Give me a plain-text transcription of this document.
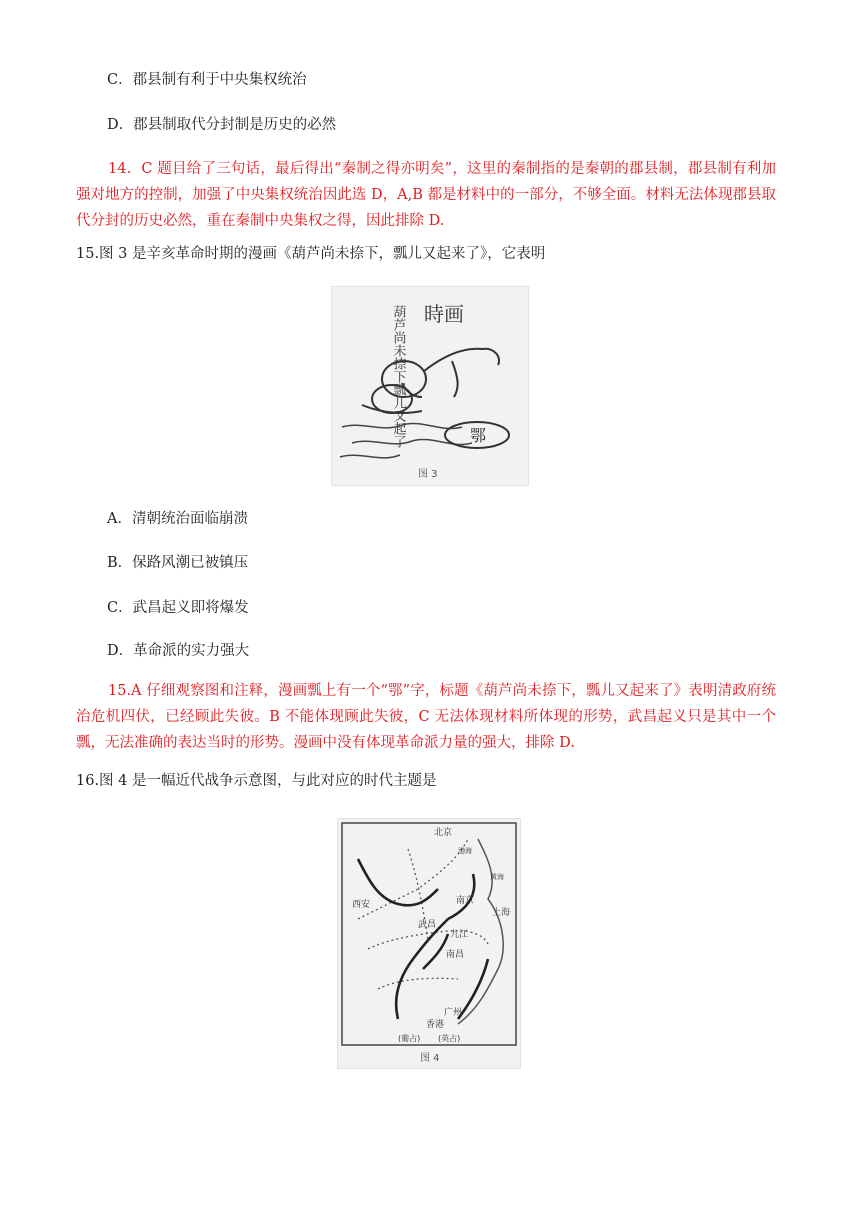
C．郡县制有利于中央集权统治
D．郡县制取代分封制是历史的必然

14．C 题目给了三句话，最后得出“秦制之得亦明矣”，这里的秦制指的是秦朝的郡县制，郡县制有利加强对地方的控制，加强了中央集权统治因此选 D，A,B 都是材料中的一部分，不够全面。材料无法体现郡县取代分封的历史必然，重在秦制中央集权之得，因此排除 D.

15.图 3 是辛亥革命时期的漫画《葫芦尚未捺下，瓢儿又起来了》，它表明
時画
葫芦尚未捺下瓢儿又起了	鄂
图 3
A．清朝统治面临崩溃
B．保路风潮已被镇压
C．武昌起义即将爆发
D．革命派的实力强大

15.A 仔细观察图和注释，漫画瓢上有一个“鄂”字，标题《葫芦尚未捺下，瓢儿又起来了》表明清政府统治危机四伏，已经顾此失彼。B 不能体现顾此失彼，C 无法体现材料所体现的形势，武昌起义只是其中一个瓢，无法准确的表达当时的形势。漫画中没有体现革命派力量的强大，排除 D.

16.图 4 是一幅近代战争示意图，与此对应的时代主题是
北京
渤海
黄海
西安	南京
上海
武昌
九江
南昌
广州
香港
(葡占) (英占)
图 4
